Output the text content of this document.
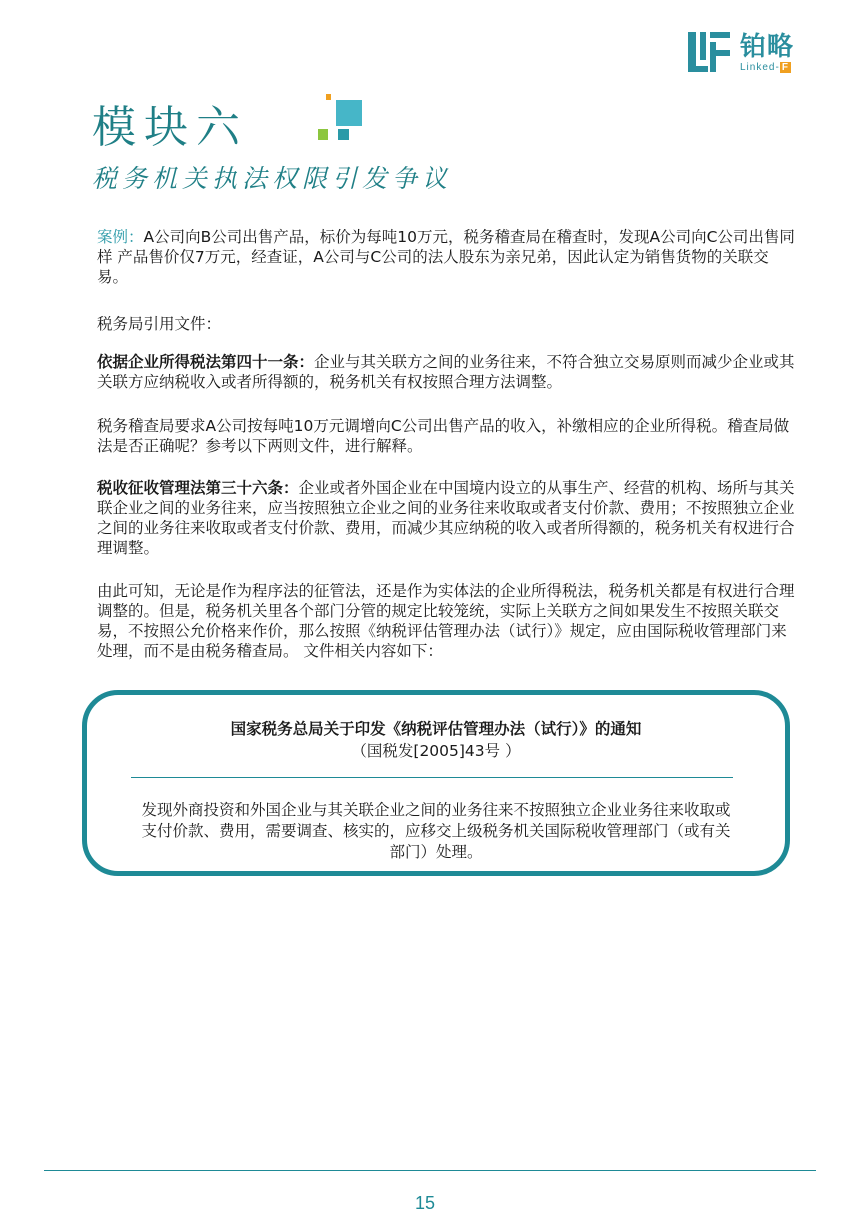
铂略
Linked- F
模块六
税务机关执法权限引发争议
案例：A公司向B公司出售产品，标价为每吨10万元，税务稽查局在稽查时，发现A公司向C公司出售同样 产品售价仅7万元，经查证，A公司与C公司的法人股东为亲兄弟，因此认定为销售货物的关联交易。
税务局引用文件：
依据企业所得税法第四十一条：企业与其关联方之间的业务往来，不符合独立交易原则而减少企业或其关联方应纳税收入或者所得额的，税务机关有权按照合理方法调整。
税务稽查局要求A公司按每吨10万元调增向C公司出售产品的收入，补缴相应的企业所得税。稽查局做法是否正确呢？参考以下两则文件，进行解释。
税收征收管理法第三十六条：企业或者外国企业在中国境内设立的从事生产、经营的机构、场所与其关联企业之间的业务往来，应当按照独立企业之间的业务往来收取或者支付价款、费用；不按照独立企业之间的业务往来收取或者支付价款、费用，而减少其应纳税的收入或者所得额的，税务机关有权进行合理调整。
由此可知，无论是作为程序法的征管法，还是作为实体法的企业所得税法，税务机关都是有权进行合理调整的。但是，税务机关里各个部门分管的规定比较笼统，实际上关联方之间如果发生不按照关联交易，不按照公允价格来作价，那么按照《纳税评估管理办法（试行）》规定，应由国际税收管理部门来处理，而不是由税务稽查局。 文件相关内容如下：
国家税务总局关于印发《纳税评估管理办法（试行）》的通知
（国税发[2005]43号 ）
发现外商投资和外国企业与其关联企业之间的业务往来不按照独立企业业务往来收取或支付价款、费用，需要调查、核实的，应移交上级税务机关国际税收管理部门（或有关部门）处理。
15
